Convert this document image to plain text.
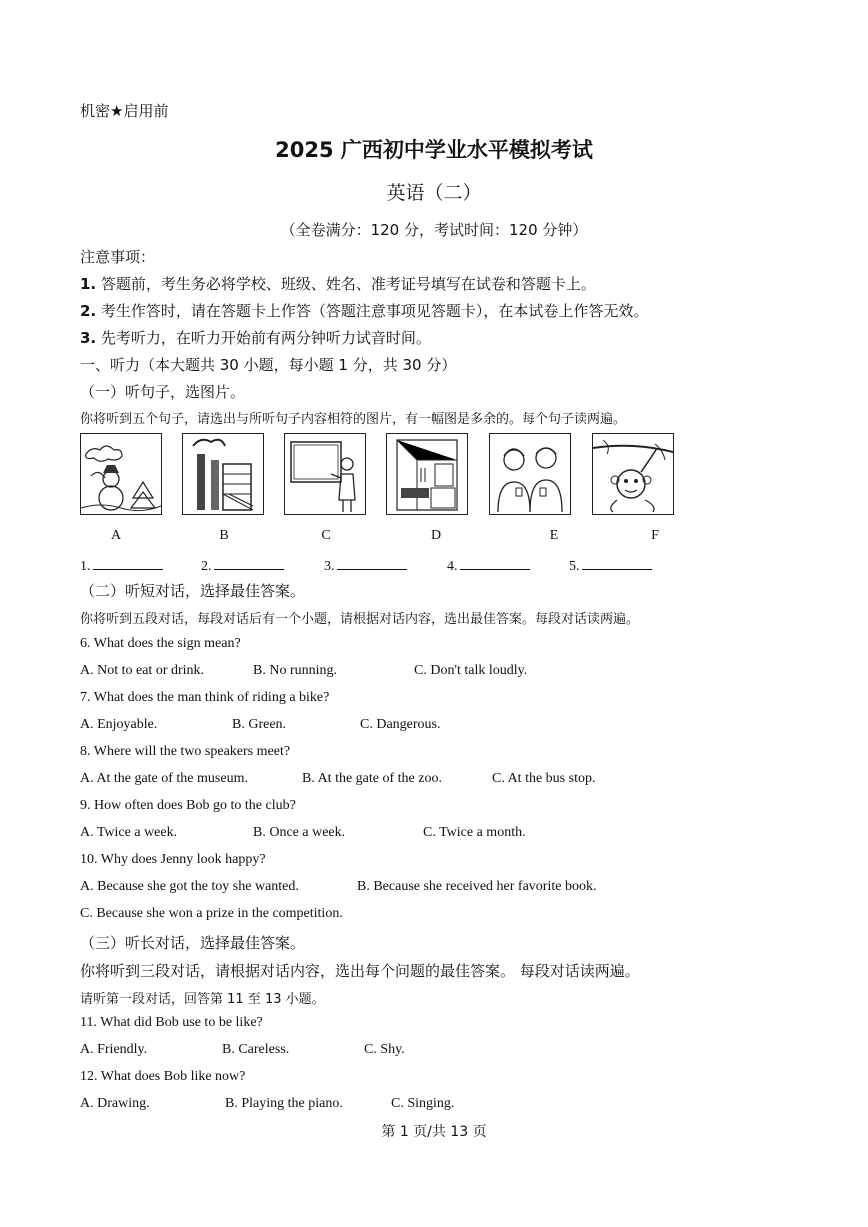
机密★启用前
2025 广西初中学业水平模拟考试
英语（二）
（全卷满分：120 分，考试时间：120 分钟）
注意事项：
1. 答题前，考生务必将学校、班级、姓名、准考证号填写在试卷和答题卡上。
2. 考生作答时，请在答题卡上作答（答题注意事项见答题卡），在本试卷上作答无效。
3. 先考听力，在听力开始前有两分钟听力试音时间。
一、听力（本大题共 30 小题，每小题 1 分，共 30 分）
（一）听句子，选图片。
你将听到五个句子，请选出与所听句子内容相符的图片，有一幅图是多余的。每个句子读两遍。
A	B	C	D	E	F
1.	2.	3.	4.	5.
（二）听短对话，选择最佳答案。
你将听到五段对话，每段对话后有一个小题，请根据对话内容，选出最佳答案。每段对话读两遍。
6. What does the sign mean?
A. Not to eat or drink.	B. No running.	C. Don't talk loudly.
7. What does the man think of riding a bike?
A. Enjoyable.	B. Green.	C. Dangerous.
8. Where will the two speakers meet?
A. At the gate of the museum.	B. At the gate of the zoo.	C. At the bus stop.
9. How often does Bob go to the club?
A. Twice a week.	B. Once a week.	C. Twice a month.
10. Why does Jenny look happy?
A. Because she got the toy she wanted.	B. Because she received her favorite book.
C. Because she won a prize in the competition.
（三）听长对话，选择最佳答案。
你将听到三段对话，请根据对话内容，选出每个问题的最佳答案。 每段对话读两遍。
请听第一段对话，回答第 11 至 13 小题。
11. What did Bob use to be like?
A. Friendly.	B. Careless.	C. Shy.
12. What does Bob like now?
A. Drawing.	B. Playing the piano.	C. Singing.
第 1 页/共 13 页
